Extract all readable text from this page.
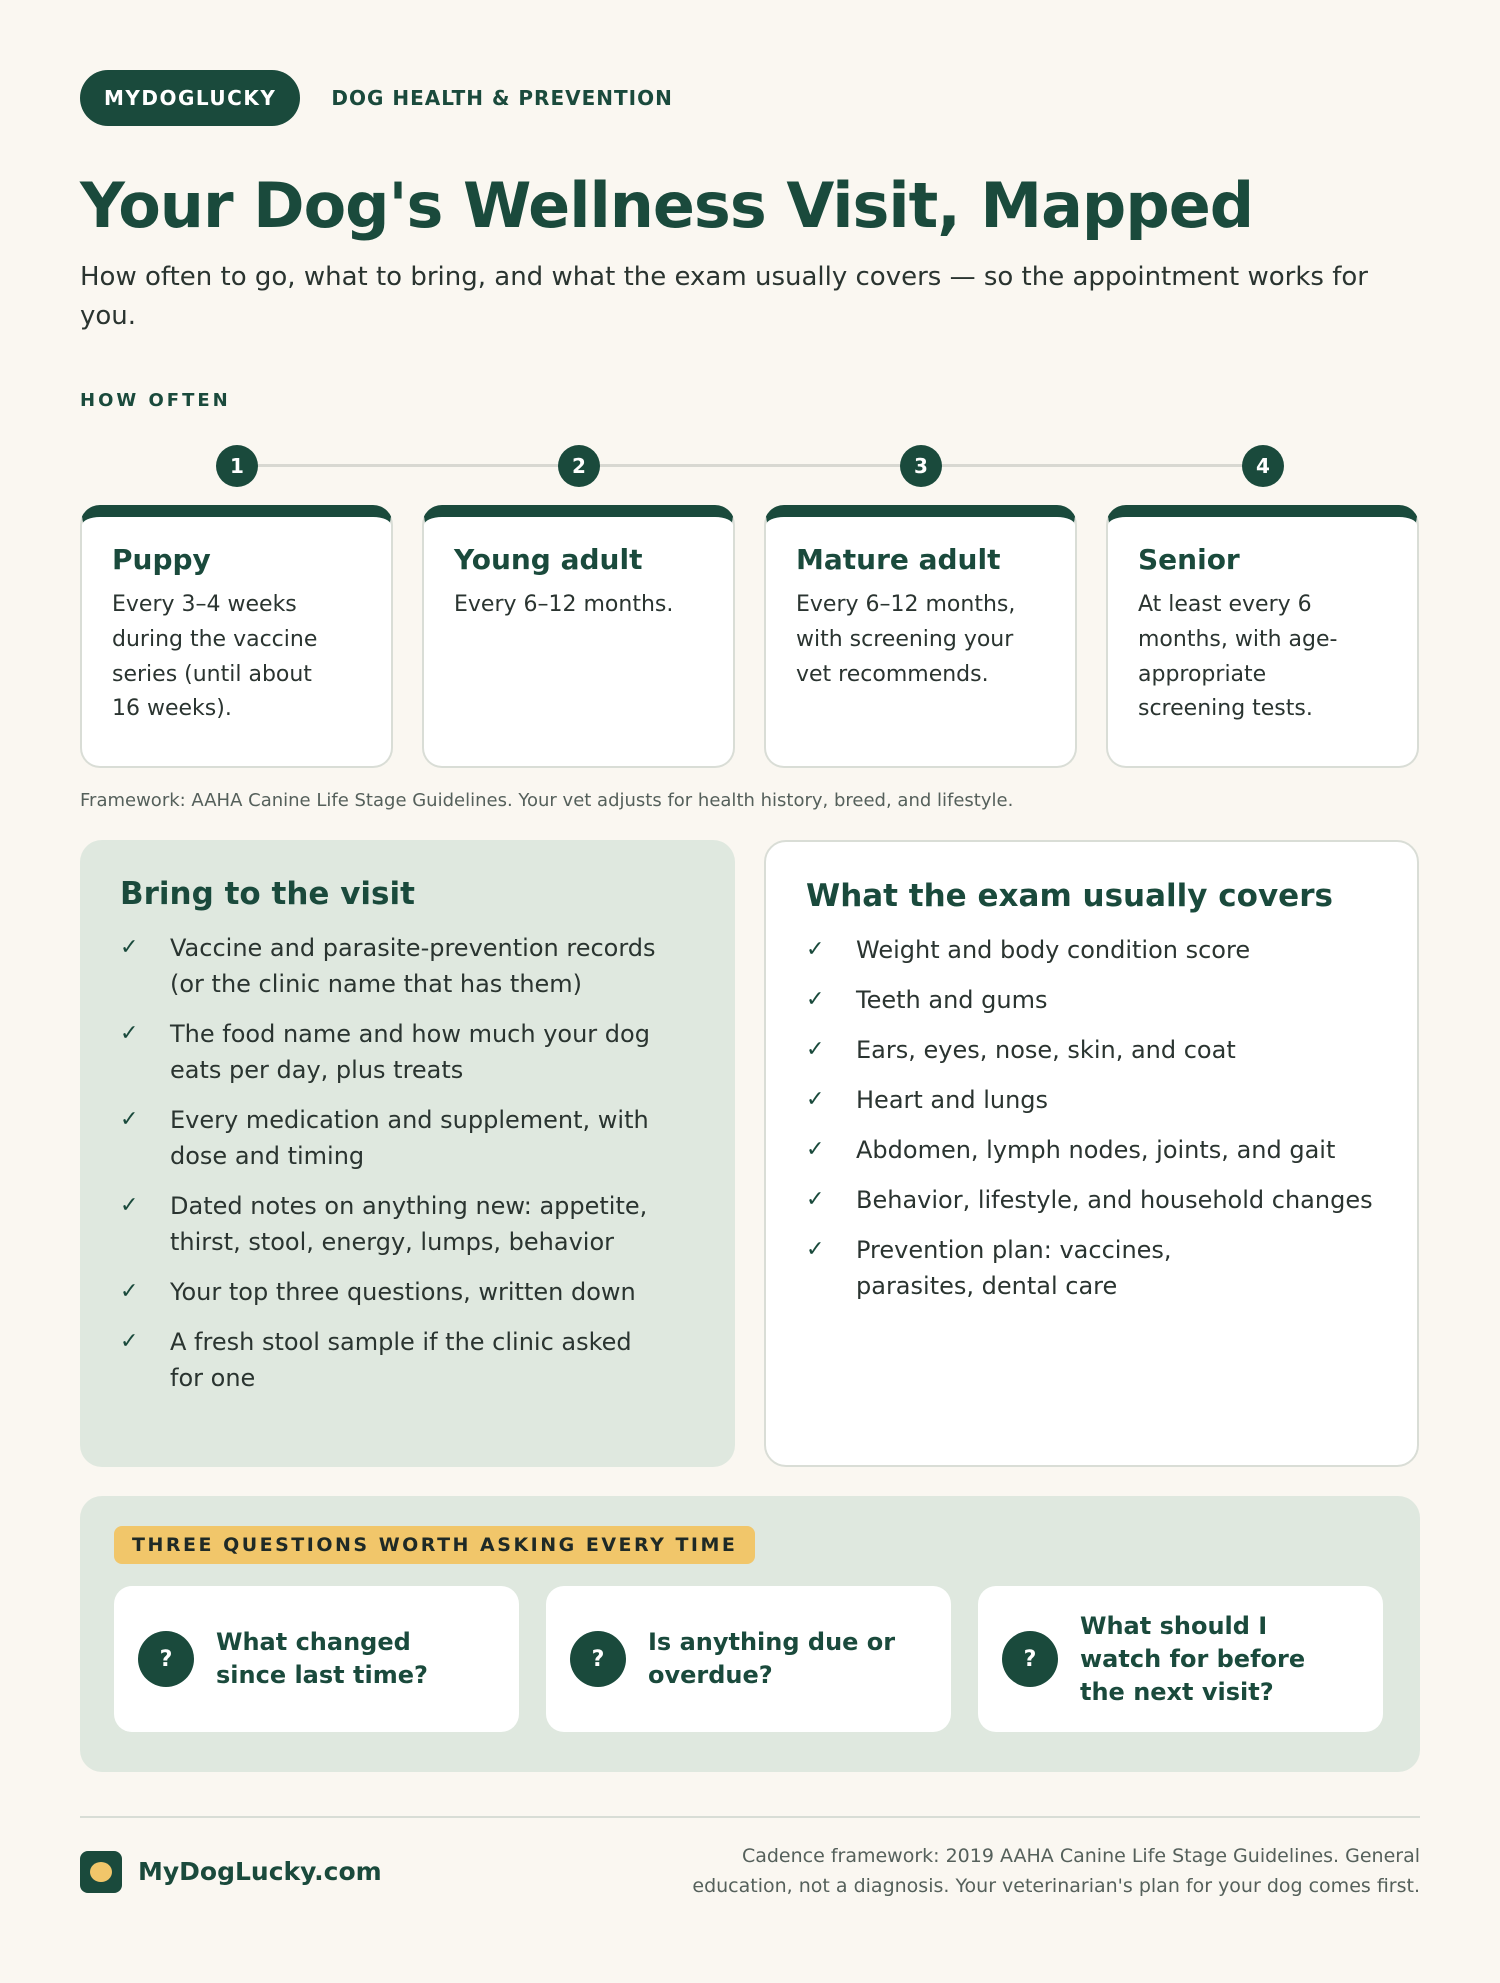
MYDOGLUCKY	DOG HEALTH & PREVENTION
Your Dog's Wellness Visit, Mapped

How often to go, what to bring, and what the exam usually covers — so the appointment works for you.

HOW OFTEN
1	2	3	4
Puppy
Every 3–4 weeks during the vaccine series (until about 16 weeks).
Young adult
Every 6–12 months.
Mature adult
Every 6–12 months, with screening your vet recommends.
Senior
At least every 6 months, with age-appropriate screening tests.
Framework: AAHA Canine Life Stage Guidelines. Your vet adjusts for health history, breed, and lifestyle.
Bring to the visit
✓	Vaccine and parasite-prevention records (or the clinic name that has them)
✓	The food name and how much your dog eats per day, plus treats
✓	Every medication and supplement, with dose and timing
✓	Dated notes on anything new: appetite, thirst, stool, energy, lumps, behavior
✓	Your top three questions, written down
✓	A fresh stool sample if the clinic asked for one
What the exam usually covers
✓	Weight and body condition score
✓	Teeth and gums
✓	Ears, eyes, nose, skin, and coat
✓	Heart and lungs
✓	Abdomen, lymph nodes, joints, and gait
✓	Behavior, lifestyle, and household changes
✓	Prevention plan: vaccines, parasites, dental care
THREE QUESTIONS WORTH ASKING EVERY TIME
?
What changed since last time?
?
Is anything due or overdue?
?
What should I watch for before the next visit?
MyDogLucky.com
Cadence framework: 2019 AAHA Canine Life Stage Guidelines. General education, not a diagnosis. Your veterinarian's plan for your dog comes first.
